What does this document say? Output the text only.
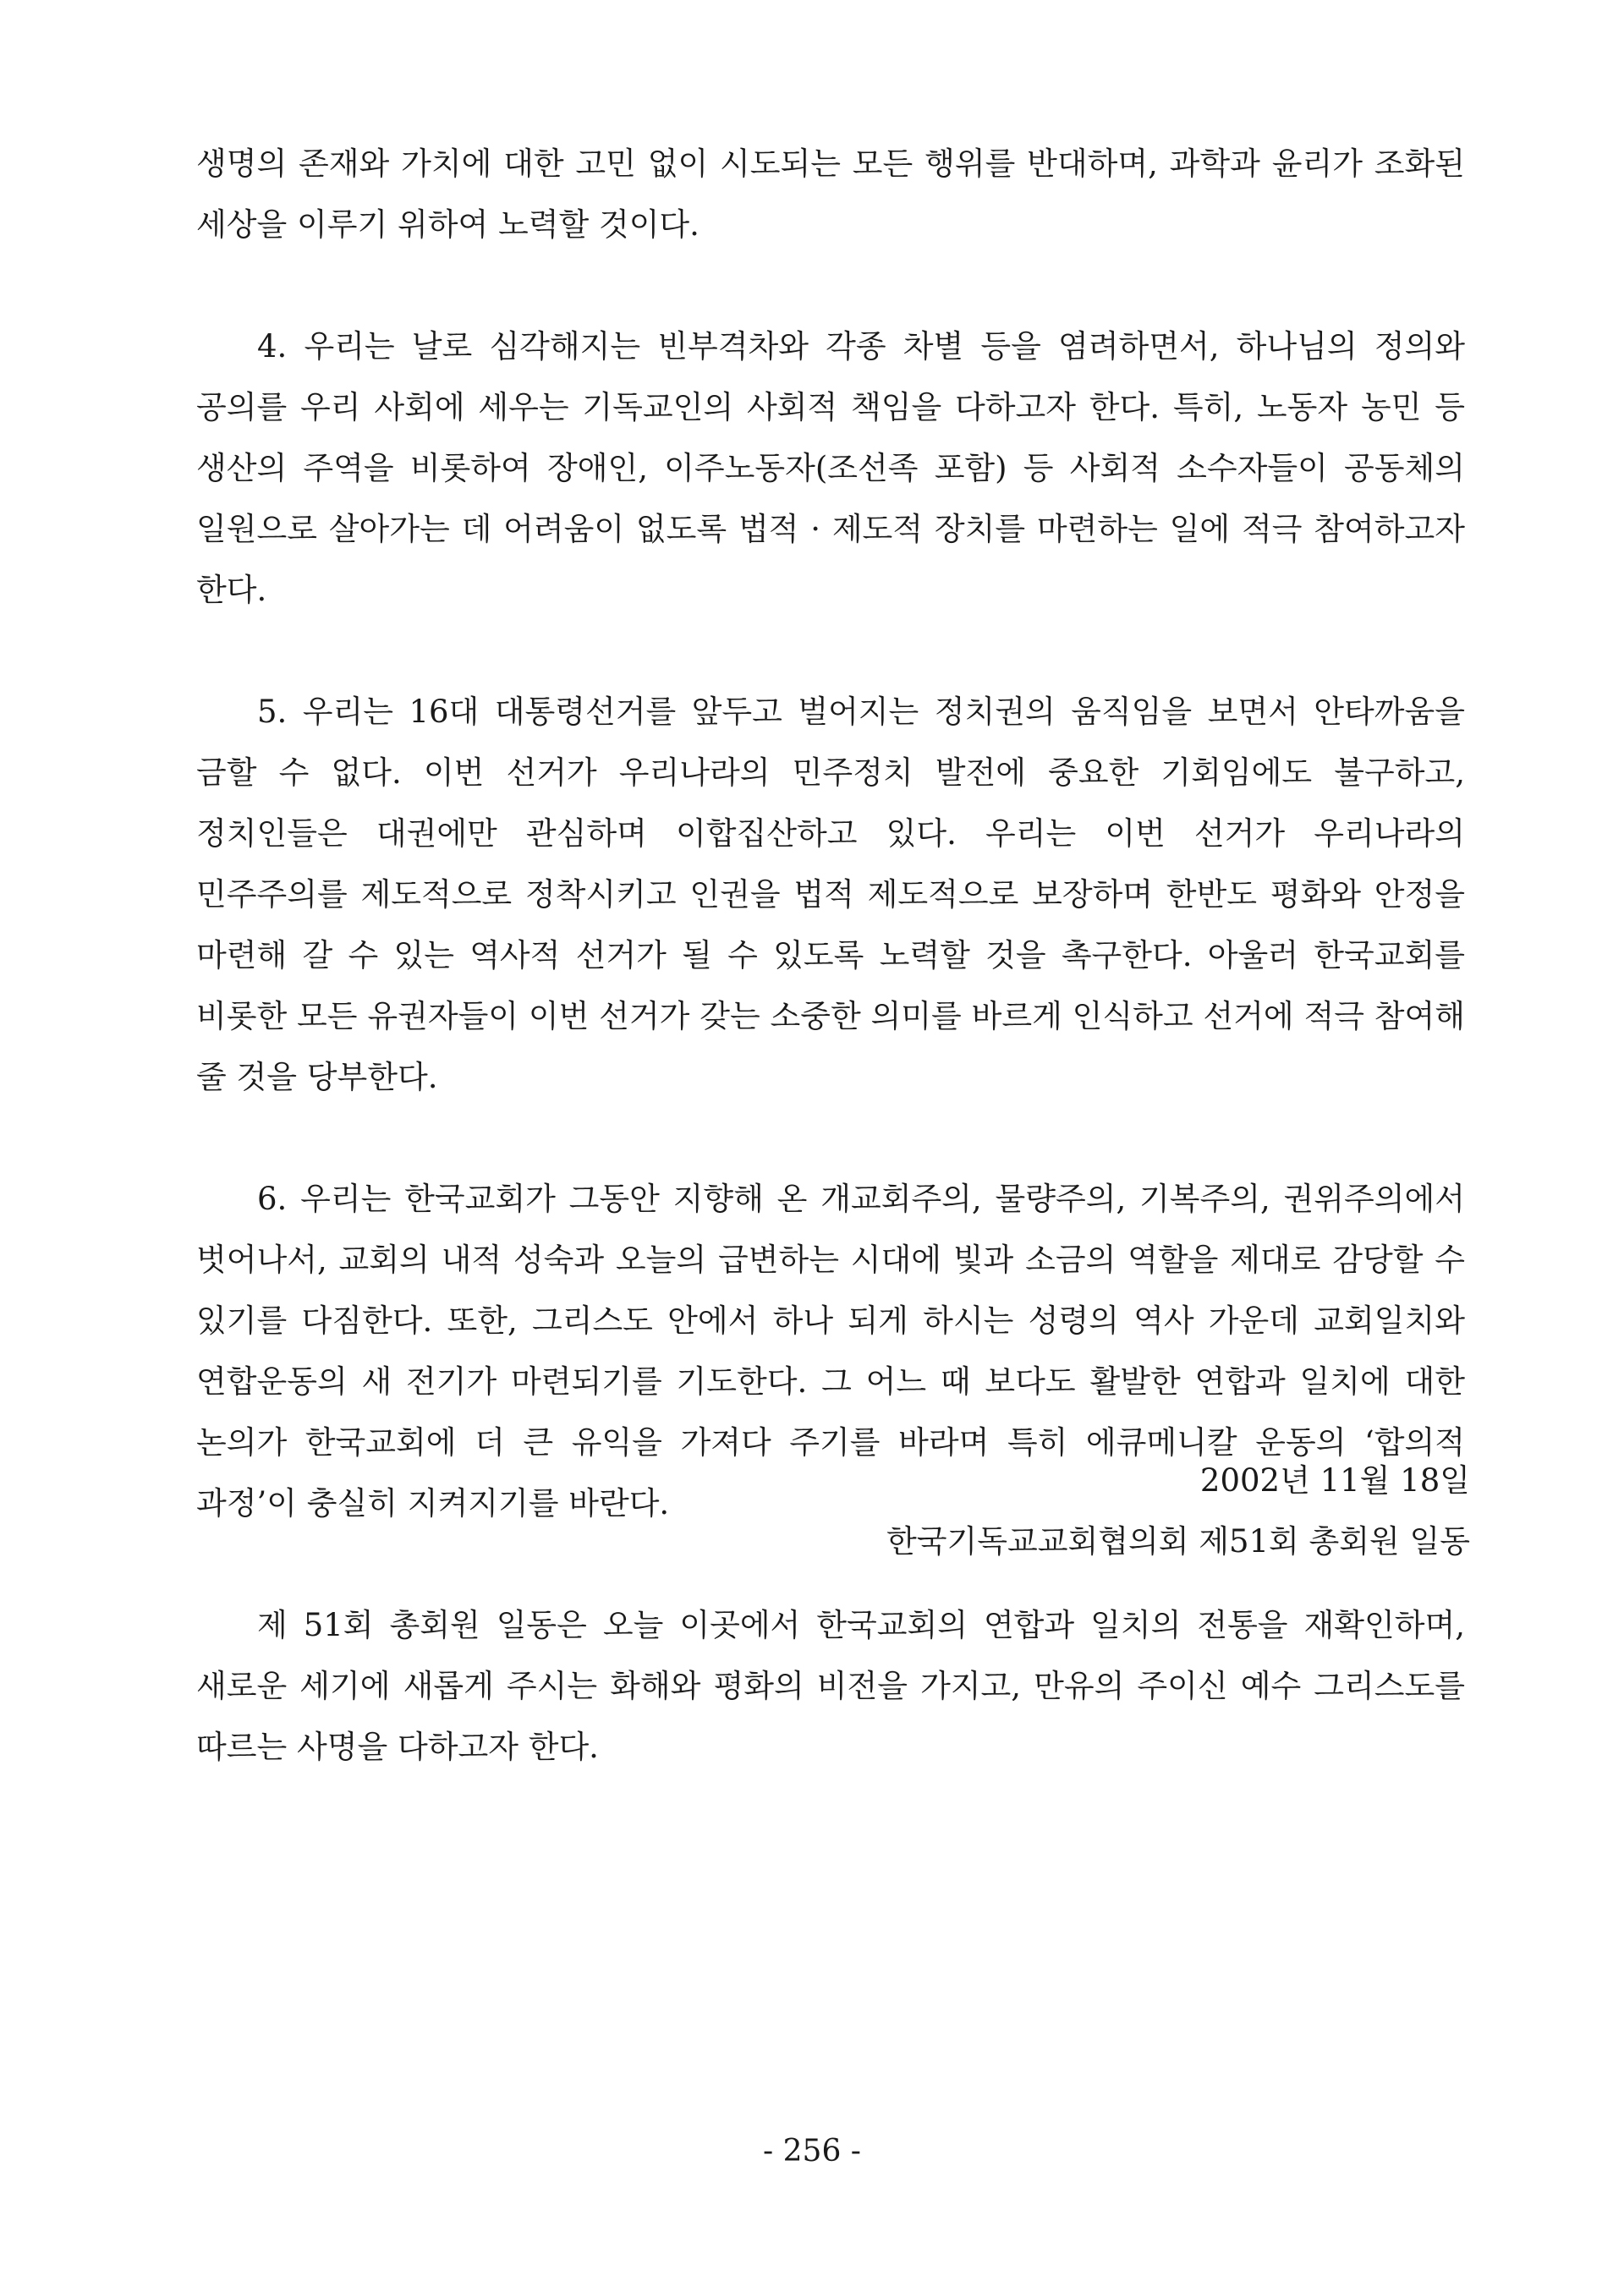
생명의 존재와 가치에 대한 고민 없이 시도되는 모든 행위를 반대하며, 과학과 윤리가 조화된 세상을 이루기 위하여 노력할 것이다.

4. 우리는 날로 심각해지는 빈부격차와 각종 차별 등을 염려하면서, 하나님의 정의와 공의를 우리 사회에 세우는 기독교인의 사회적 책임을 다하고자 한다. 특히, 노동자 농민 등 생산의 주역을 비롯하여 장애인, 이주노동자(조선족 포함) 등 사회적 소수자들이 공동체의 일원으로 살아가는 데 어려움이 없도록 법적 · 제도적 장치를 마련하는 일에 적극 참여하고자 한다.

5. 우리는 16대 대통령선거를 앞두고 벌어지는 정치권의 움직임을 보면서 안타까움을 금할 수 없다. 이번 선거가 우리나라의 민주정치 발전에 중요한 기회임에도 불구하고, 정치인들은 대권에만 관심하며 이합집산하고 있다. 우리는 이번 선거가 우리나라의 민주주의를 제도적으로 정착시키고 인권을 법적 제도적으로 보장하며 한반도 평화와 안정을 마련해 갈 수 있는 역사적 선거가 될 수 있도록 노력할 것을 촉구한다. 아울러 한국교회를 비롯한 모든 유권자들이 이번 선거가 갖는 소중한 의미를 바르게 인식하고 선거에 적극 참여해 줄 것을 당부한다.

6. 우리는 한국교회가 그동안 지향해 온 개교회주의, 물량주의, 기복주의, 권위주의에서 벗어나서, 교회의 내적 성숙과 오늘의 급변하는 시대에 빛과 소금의 역할을 제대로 감당할 수 있기를 다짐한다. 또한, 그리스도 안에서 하나 되게 하시는 성령의 역사 가운데 교회일치와 연합운동의 새 전기가 마련되기를 기도한다. 그 어느 때 보다도 활발한 연합과 일치에 대한 논의가 한국교회에 더 큰 유익을 가져다 주기를 바라며 특히 에큐메니칼 운동의 ‘합의적 과정’이 충실히 지켜지기를 바란다.

제 51회 총회원 일동은 오늘 이곳에서 한국교회의 연합과 일치의 전통을 재확인하며, 새로운 세기에 새롭게 주시는 화해와 평화의 비전을 가지고, 만유의 주이신 예수 그리스도를 따르는 사명을 다하고자 한다.

2002년 11월 18일
한국기독교교회협의회 제51회 총회원 일동
- 256 -
